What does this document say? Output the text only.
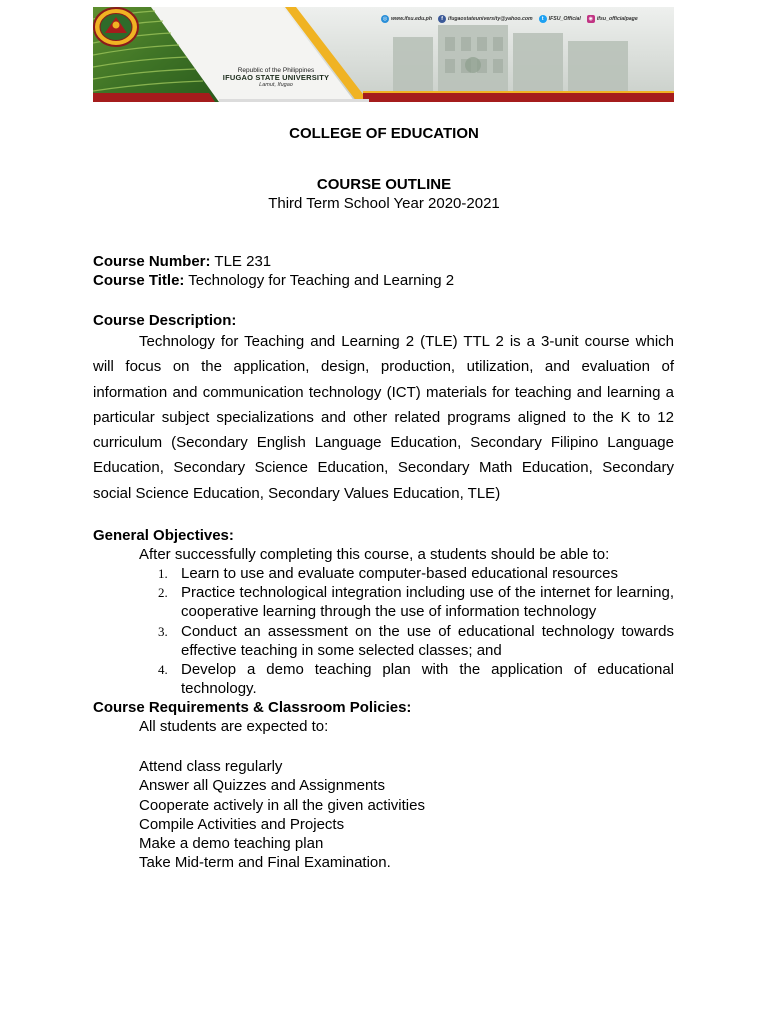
Republic of the Philippines
IFUGAO STATE UNIVERSITY
Lamut, Ifugao
◎ www.ifsu.edu.ph	f ifugaostateuniversity@yahoo.com	t IFSU_Official	◉ ifsu_officialpage
COLLEGE OF EDUCATION
COURSE OUTLINE
Third Term School Year 2020-2021
Course Number: TLE 231
Course Title: Technology for Teaching and Learning 2
Course Description:

Technology for Teaching and Learning 2 (TLE) TTL 2 is a 3-unit course which will focus on the application, design, production, utilization, and evaluation of information and communication technology (ICT) materials for teaching and learning a particular subject specializations and other related programs aligned to the K to 12 curriculum (Secondary English Language Education, Secondary Filipino Language Education, Secondary Science Education, Secondary Math Education, Secondary social Science Education, Secondary Values Education, TLE)

General Objectives:
After successfully completing this course, a students should be able to:
1. Learn to use and evaluate computer-based educational resources
2. Practice technological integration including use of the internet for learning, cooperative learning through the use of information technology
3. Conduct an assessment on the use of educational technology towards effective teaching in some selected classes; and
4. Develop a demo teaching plan with the application of educational technology.
Course Requirements & Classroom Policies:
All students are expected to:
Attend class regularly
Answer all Quizzes and Assignments
Cooperate actively in all the given activities
Compile Activities and Projects
Make a demo teaching plan
Take Mid-term and Final Examination.
